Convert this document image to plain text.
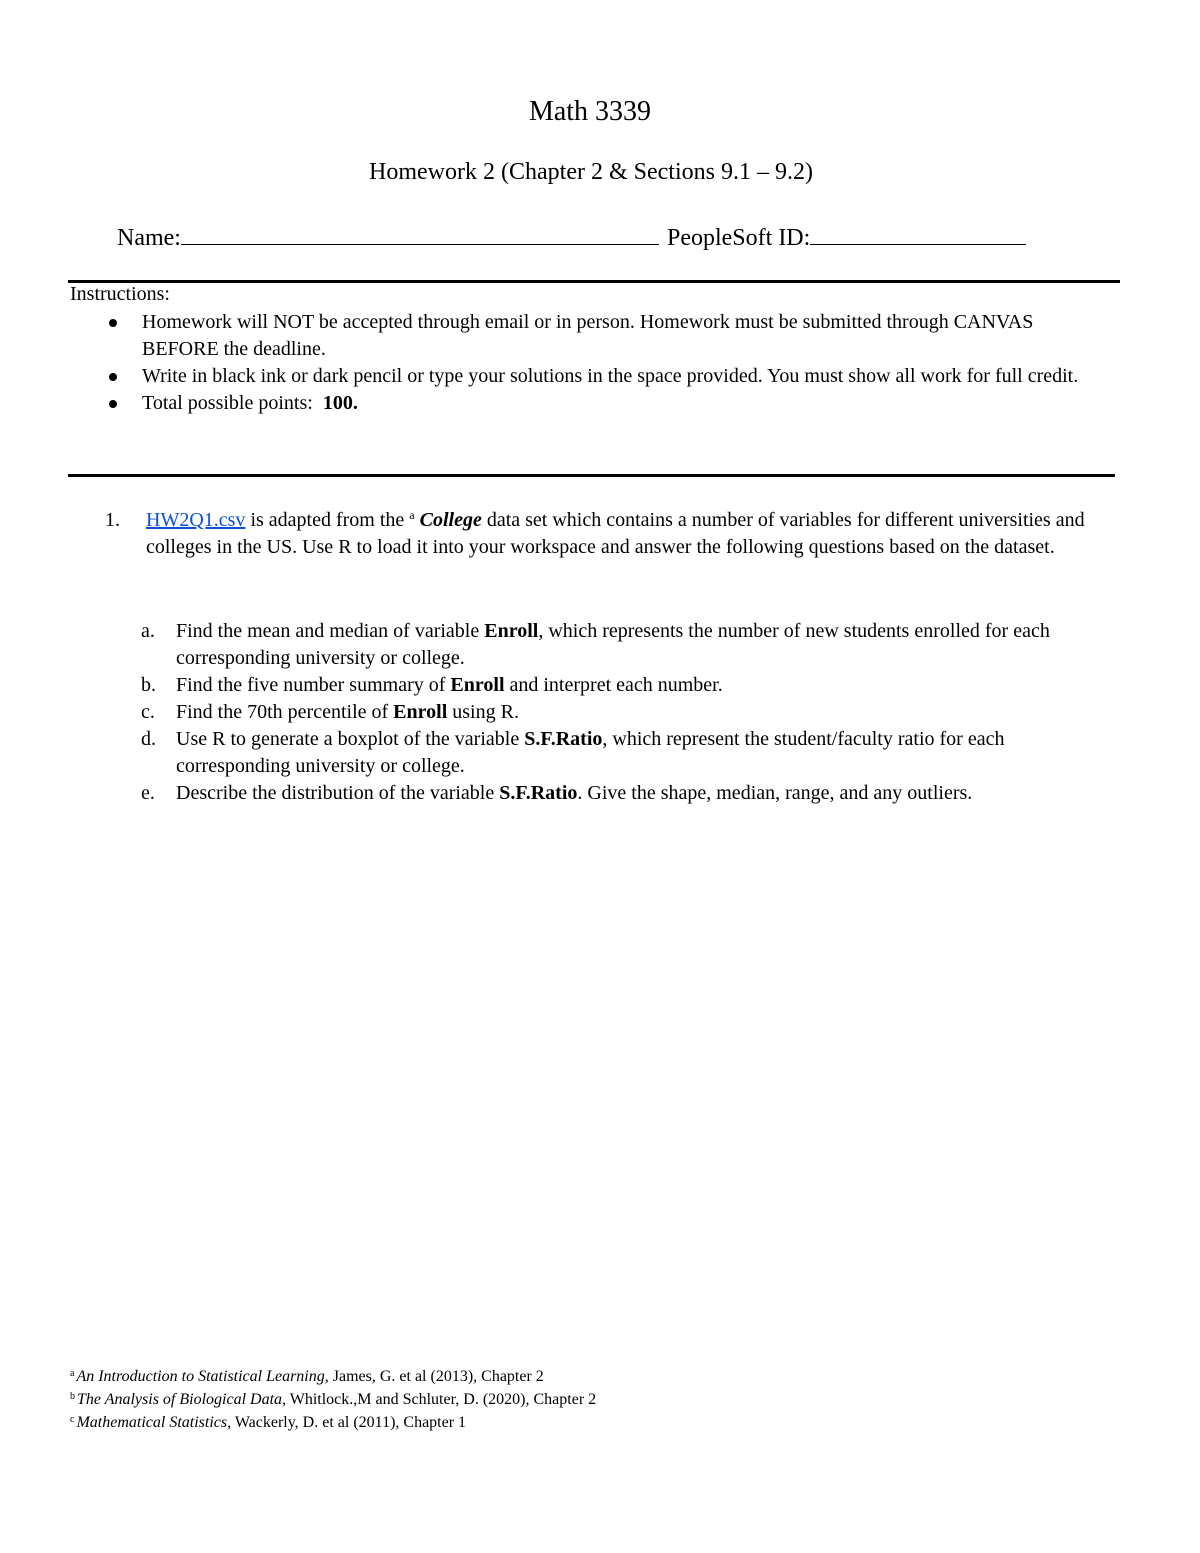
Math 3339
Homework 2 (Chapter 2 & Sections 9.1 – 9.2)
Name:	PeopleSoft ID:
Instructions:
Homework will NOT be accepted through email or in person. Homework must be submitted through CANVAS BEFORE the deadline.
Write in black ink or dark pencil or type your solutions in the space provided. You must show all work for full credit.
Total possible points:  100.
1. HW2Q1.csv is adapted from the $^a$ College data set which contains a number of variables for different universities and colleges in the US. Use R to load it into your workspace and answer the following questions based on the dataset.
a. Find the mean and median of variable Enroll, which represents the number of new students enrolled for each corresponding university or college.
b. Find the five number summary of Enroll and interpret each number.
c. Find the 70th percentile of Enroll using R.
d. Use R to generate a boxplot of the variable S.F.Ratio, which represent the student/faculty ratio for each corresponding university or college.
e. Describe the distribution of the variable S.F.Ratio. Give the shape, median, range, and any outliers.
$^a$ An Introduction to Statistical Learning, James, G. et al (2013), Chapter 2
$^b$ The Analysis of Biological Data, Whitlock.,M and Schluter, D. (2020), Chapter 2
$^c$ Mathematical Statistics, Wackerly, D. et al (2011), Chapter 1
